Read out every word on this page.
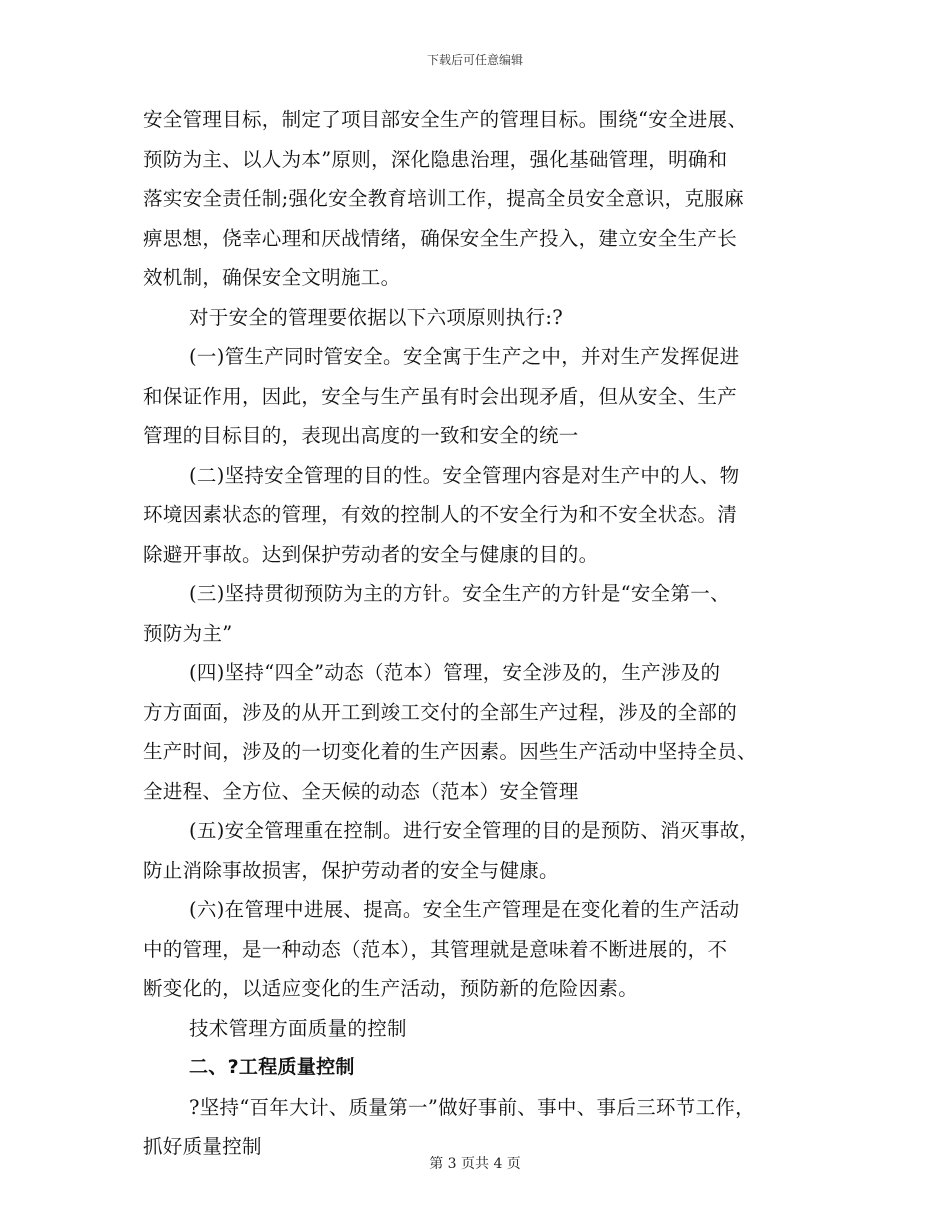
下载后可任意编辑
安全管理目标，制定了项目部安全生产的管理目标。围绕“安全进展、
预防为主、以人为本”原则，深化隐患治理，强化基础管理，明确和
落实安全责任制;强化安全教育培训工作，提高全员安全意识，克服麻
痹思想，侥幸心理和厌战情绪，确保安全生产投入，建立安全生产长
效机制，确保安全文明施工。
对于安全的管理要依据以下六项原则执行:?
(一)管生产同时管安全。安全寓于生产之中，并对生产发挥促进
和保证作用，因此，安全与生产虽有时会出现矛盾，但从安全、生产
管理的目标目的，表现出高度的一致和安全的统一
(二)坚持安全管理的目的性。安全管理内容是对生产中的人、物
环境因素状态的管理，有效的控制人的不安全行为和不安全状态。清
除避开事故。达到保护劳动者的安全与健康的目的。
(三)坚持贯彻预防为主的方针。安全生产的方针是“安全第一、
预防为主”
(四)坚持“四全”动态（范本）管理，安全涉及的，生产涉及的
方方面面，涉及的从开工到竣工交付的全部生产过程，涉及的全部的
生产时间，涉及的一切变化着的生产因素。因些生产活动中坚持全员、
全进程、全方位、全天候的动态（范本）安全管理
(五)安全管理重在控制。进行安全管理的目的是预防、消灭事故，
防止消除事故损害，保护劳动者的安全与健康。
(六)在管理中进展、提高。安全生产管理是在变化着的生产活动
中的管理，是一种动态（范本），其管理就是意味着不断进展的，不
断变化的，以适应变化的生产活动，预防新的危险因素。
技术管理方面质量的控制
二、?工程质量控制
?坚持“百年大计、质量第一”做好事前、事中、事后三环节工作，
抓好质量控制
第 3 页共 4 页
